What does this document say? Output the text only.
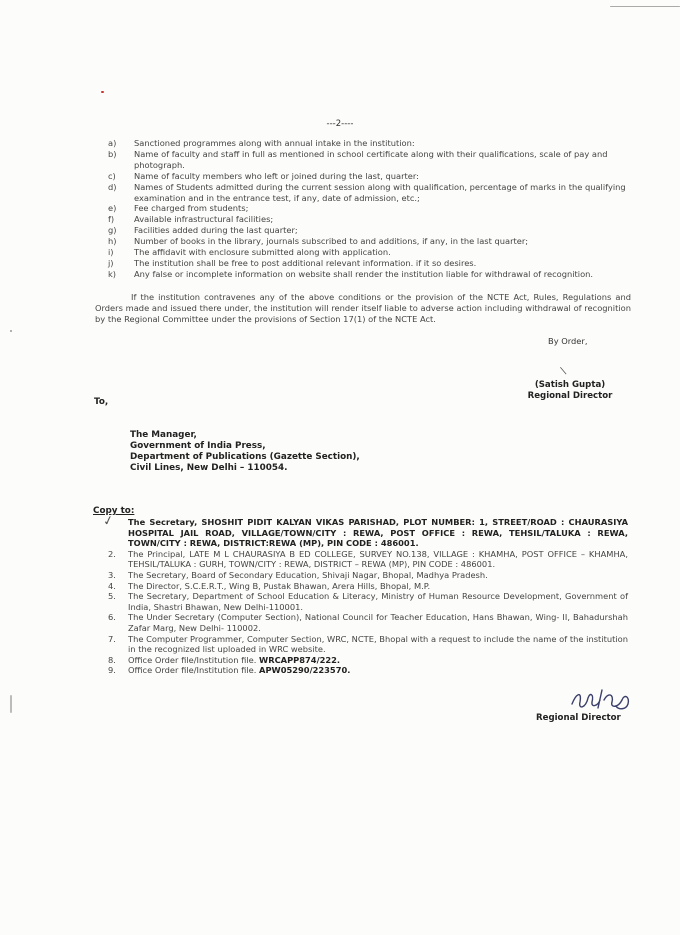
---2----
a)	Sanctioned programmes along with annual intake in the institution:
b)	Name of faculty and staff in full as mentioned in school certificate along with their qualifications, scale of pay and photograph.
c)	Name of faculty members who left or joined during the last, quarter:
d)	Names of Students admitted during the current session along with qualification, percentage of marks in the qualifying examination and in the entrance test, if any, date of admission, etc.;
e)	Fee charged from students;
f)	Available infrastructural facilities;
g)	Facilities added during the last quarter;
h)	Number of books in the library, journals subscribed to and additions, if any, in the last quarter;
i)	The affidavit with enclosure submitted along with application.
j)	The institution shall be free to post additional relevant information. if it so desires.
k)	Any false or incomplete information on website shall render the institution liable for withdrawal of recognition.

If the institution contravenes any of the above conditions or the provision of the NCTE Act, Rules, Regulations and Orders made and issued there under, the institution will render itself liable to adverse action including withdrawal of recognition by the Regional Committee under the provisions of Section 17(1) of the NCTE Act.

By Order,
|
(Satish Gupta)
Regional Director
To,
The Manager,
Government of India Press,
Department of Publications (Gazette Section),
Civil Lines, New Delhi – 110054.
Copy to:
✓	The Secretary, SHOSHIT PIDIT KALYAN VIKAS PARISHAD, PLOT NUMBER: 1, STREET/ROAD : CHAURASIYA HOSPITAL JAIL ROAD, VILLAGE/TOWN/CITY : REWA, POST OFFICE : REWA, TEHSIL/TALUKA : REWA, TOWN/CITY : REWA, DISTRICT:REWA (MP), PIN CODE : 486001.
2.	The Principal, LATE M L CHAURASIYA B ED COLLEGE, SURVEY NO.138, VILLAGE : KHAMHA, POST OFFICE – KHAMHA, TEHSIL/TALUKA : GURH, TOWN/CITY : REWA, DISTRICT – REWA (MP), PIN CODE : 486001.
3.	The Secretary, Board of Secondary Education, Shivaji Nagar, Bhopal, Madhya Pradesh.
4.	The Director, S.C.E.R.T., Wing B, Pustak Bhawan, Arera Hills, Bhopal, M.P.
5.	The Secretary, Department of School Education & Literacy, Ministry of Human Resource Development, Government of India, Shastri Bhawan, New Delhi-110001.
6.	The Under Secretary (Computer Section), National Council for Teacher Education, Hans Bhawan, Wing- II, Bahadurshah Zafar Marg, New Delhi- 110002.
7.	The Computer Programmer, Computer Section, WRC, NCTE, Bhopal with a request to include the name of the institution in the recognized list uploaded in WRC website.
8.	Office Order file/Institution file. WRCAPP874/222.
9.	Office Order file/Institution file. APW05290/223570.
Regional Director
